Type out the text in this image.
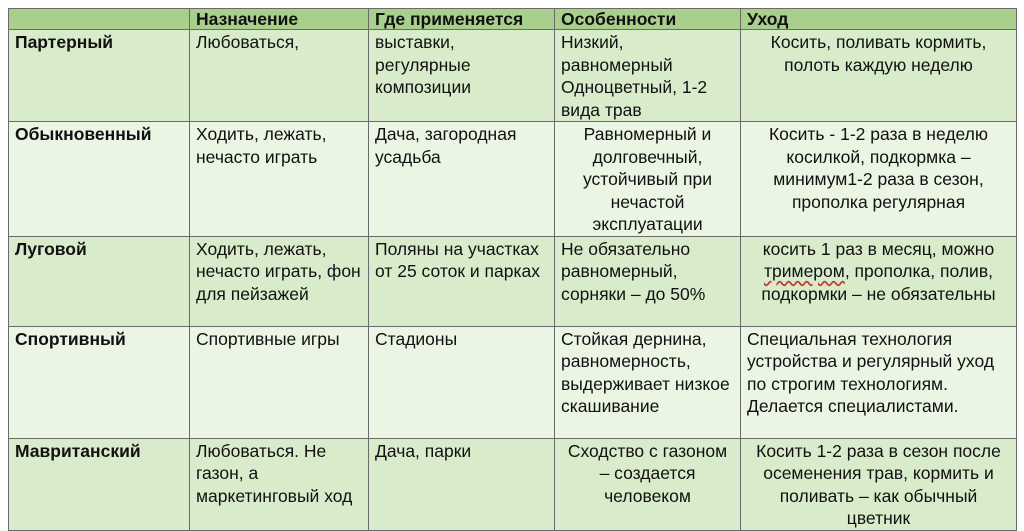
	Назначение	Где применяется	Особенности	Уход
Партерный	Любоваться,	выставки, регулярные композиции	Низкий, равномерный Одноцветный, 1-2 вида трав	Косить, поливать кормить, полоть каждую неделю
Обыкновенный	Ходить, лежать, нечасто играть	Дача, загородная усадьба	Равномерный и долговечный, устойчивый при нечастой эксплуатации	Косить - 1-2 раза в неделю косилкой, подкормка – минимум1-2 раза в сезон, прополка регулярная
Луговой	Ходить, лежать, нечасто играть, фон для пейзажей	Поляны на участках от 25 соток и парках	Не обязательно равномерный, сорняки – до 50%	косить 1 раз в месяц, можно тримером, прополка, полив, подкормки – не обязательны
Спортивный	Спортивные игры	Стадионы	Стойкая дернина, равномерность, выдерживает низкое скашивание	Специальная технология устройства и регулярный уход по строгим технологиям. Делается специалистами.
Мавританский	Любоваться. Не газон, а маркетинговый ход	Дача, парки	Сходство с газоном – создается человеком	Косить 1-2 раза в сезон после осеменения трав, кормить и поливать – как обычный цветник
